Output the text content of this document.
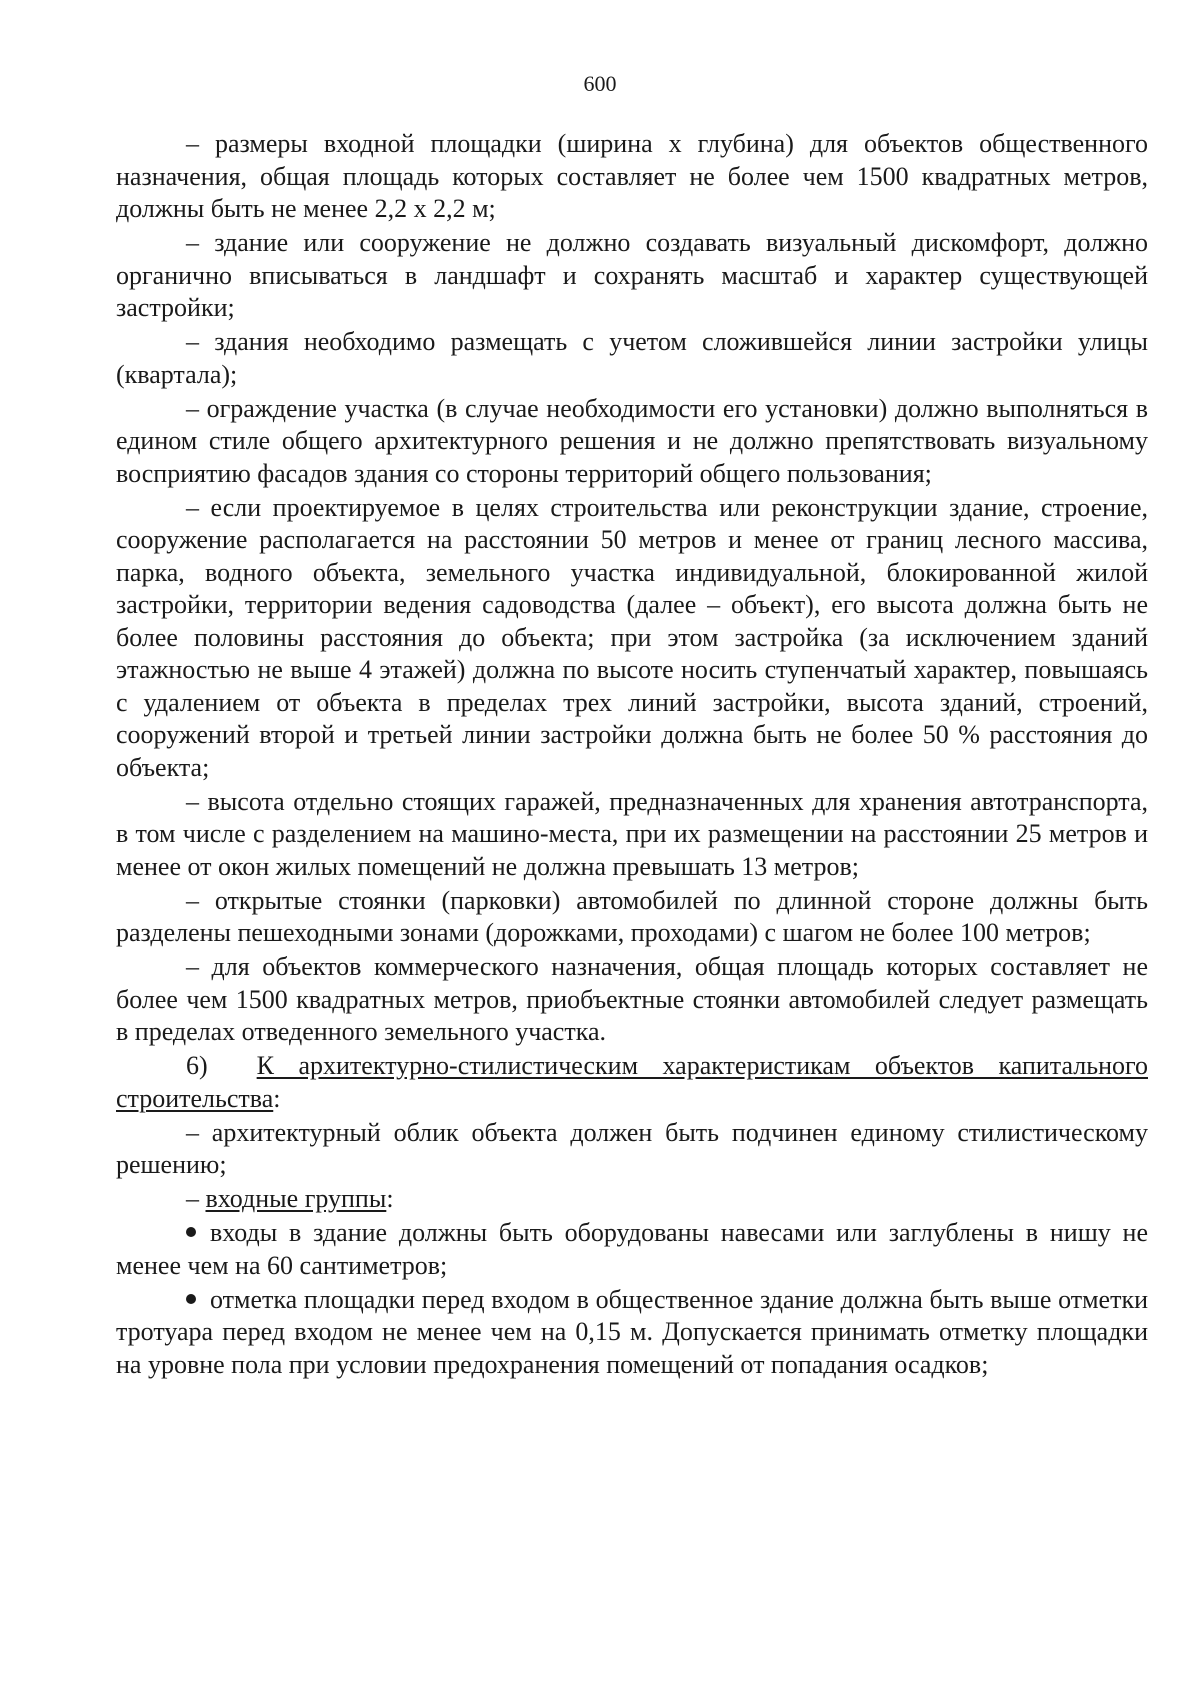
600

– размеры входной площадки (ширина х глубина) для объектов общественного назначения, общая площадь которых составляет не более чем 1500 квадратных метров, должны быть не менее 2,2 х 2,2 м;

– здание или сооружение не должно создавать визуальный дискомфорт, должно органично вписываться в ландшафт и сохранять масштаб и характер существующей застройки;

– здания необходимо размещать с учетом сложившейся линии застройки улицы (квартала);

– ограждение участка (в случае необходимости его установки) должно выполняться в едином стиле общего архитектурного решения и не должно препятствовать визуальному восприятию фасадов здания со стороны территорий общего пользования;

– если проектируемое в целях строительства или реконструкции здание, строение, сооружение располагается на расстоянии 50 метров и менее от границ лесного массива, парка, водного объекта, земельного участка индивидуальной, блокированной жилой застройки, территории ведения садоводства (далее – объект), его высота должна быть не более половины расстояния до объекта; при этом застройка (за исключением зданий этажностью не выше 4 этажей) должна по высоте носить ступенчатый характер, повышаясь с удалением от объекта в пределах трех линий застройки, высота зданий, строений, сооружений второй и третьей линии застройки должна быть не более 50 % расстояния до объекта;

– высота отдельно стоящих гаражей, предназначенных для хранения автотранспорта, в том числе с разделением на машино-места, при их размещении на расстоянии 25 метров и менее от окон жилых помещений не должна превышать 13 метров;

– открытые стоянки (парковки) автомобилей по длинной стороне должны быть разделены пешеходными зонами (дорожками, проходами) с шагом не более 100 метров;

– для объектов коммерческого назначения, общая площадь которых составляет не более чем 1500 квадратных метров, приобъектные стоянки автомобилей следует размещать в пределах отведенного земельного участка.

6) К архитектурно-стилистическим характеристикам объектов капитального строительства:

– архитектурный облик объекта должен быть подчинен единому стилистическому решению;

– входные группы:

входы в здание должны быть оборудованы навесами или заглублены в нишу не менее чем на 60 сантиметров;

отметка площадки перед входом в общественное здание должна быть выше отметки тротуара перед входом не менее чем на 0,15 м. Допускается принимать отметку площадки на уровне пола при условии предохранения помещений от попадания осадков;
